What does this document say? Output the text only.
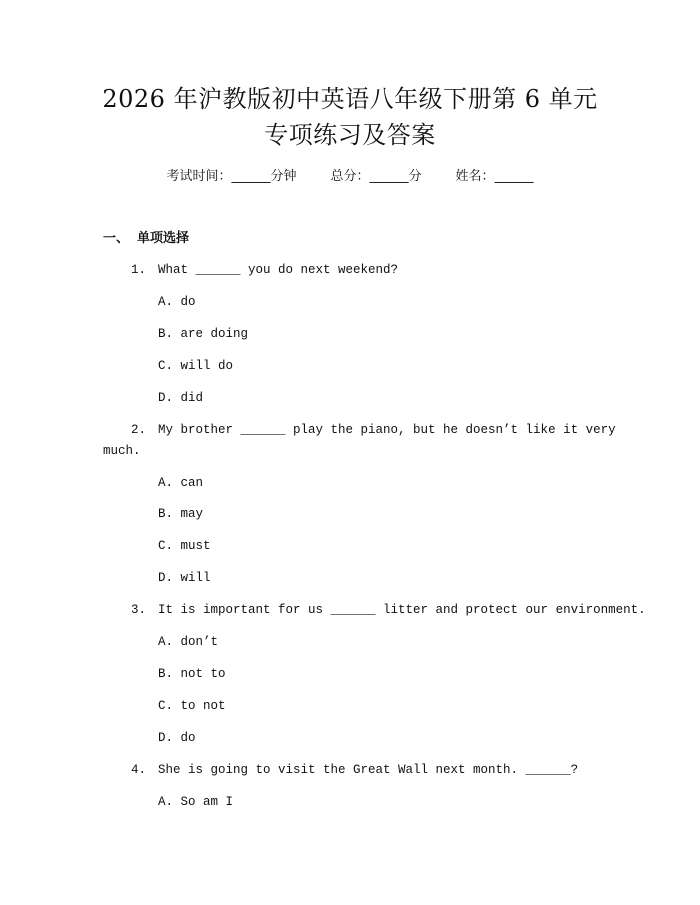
2026 年沪教版初中英语八年级下册第 6 单元
专项练习及答案
考试时间：______分钟	总分：______分	姓名：______
一、 单项选择
1. What ______ you do next weekend?
A. do
B. are doing
C. will do
D. did
2. My brother ______ play the piano, but he doesn’t like it very
much.
A. can
B. may
C. must
D. will
3. It is important for us ______ litter and protect our environment.
A. don’t
B. not to
C. to not
D. do
4. She is going to visit the Great Wall next month. ______?
A. So am I
